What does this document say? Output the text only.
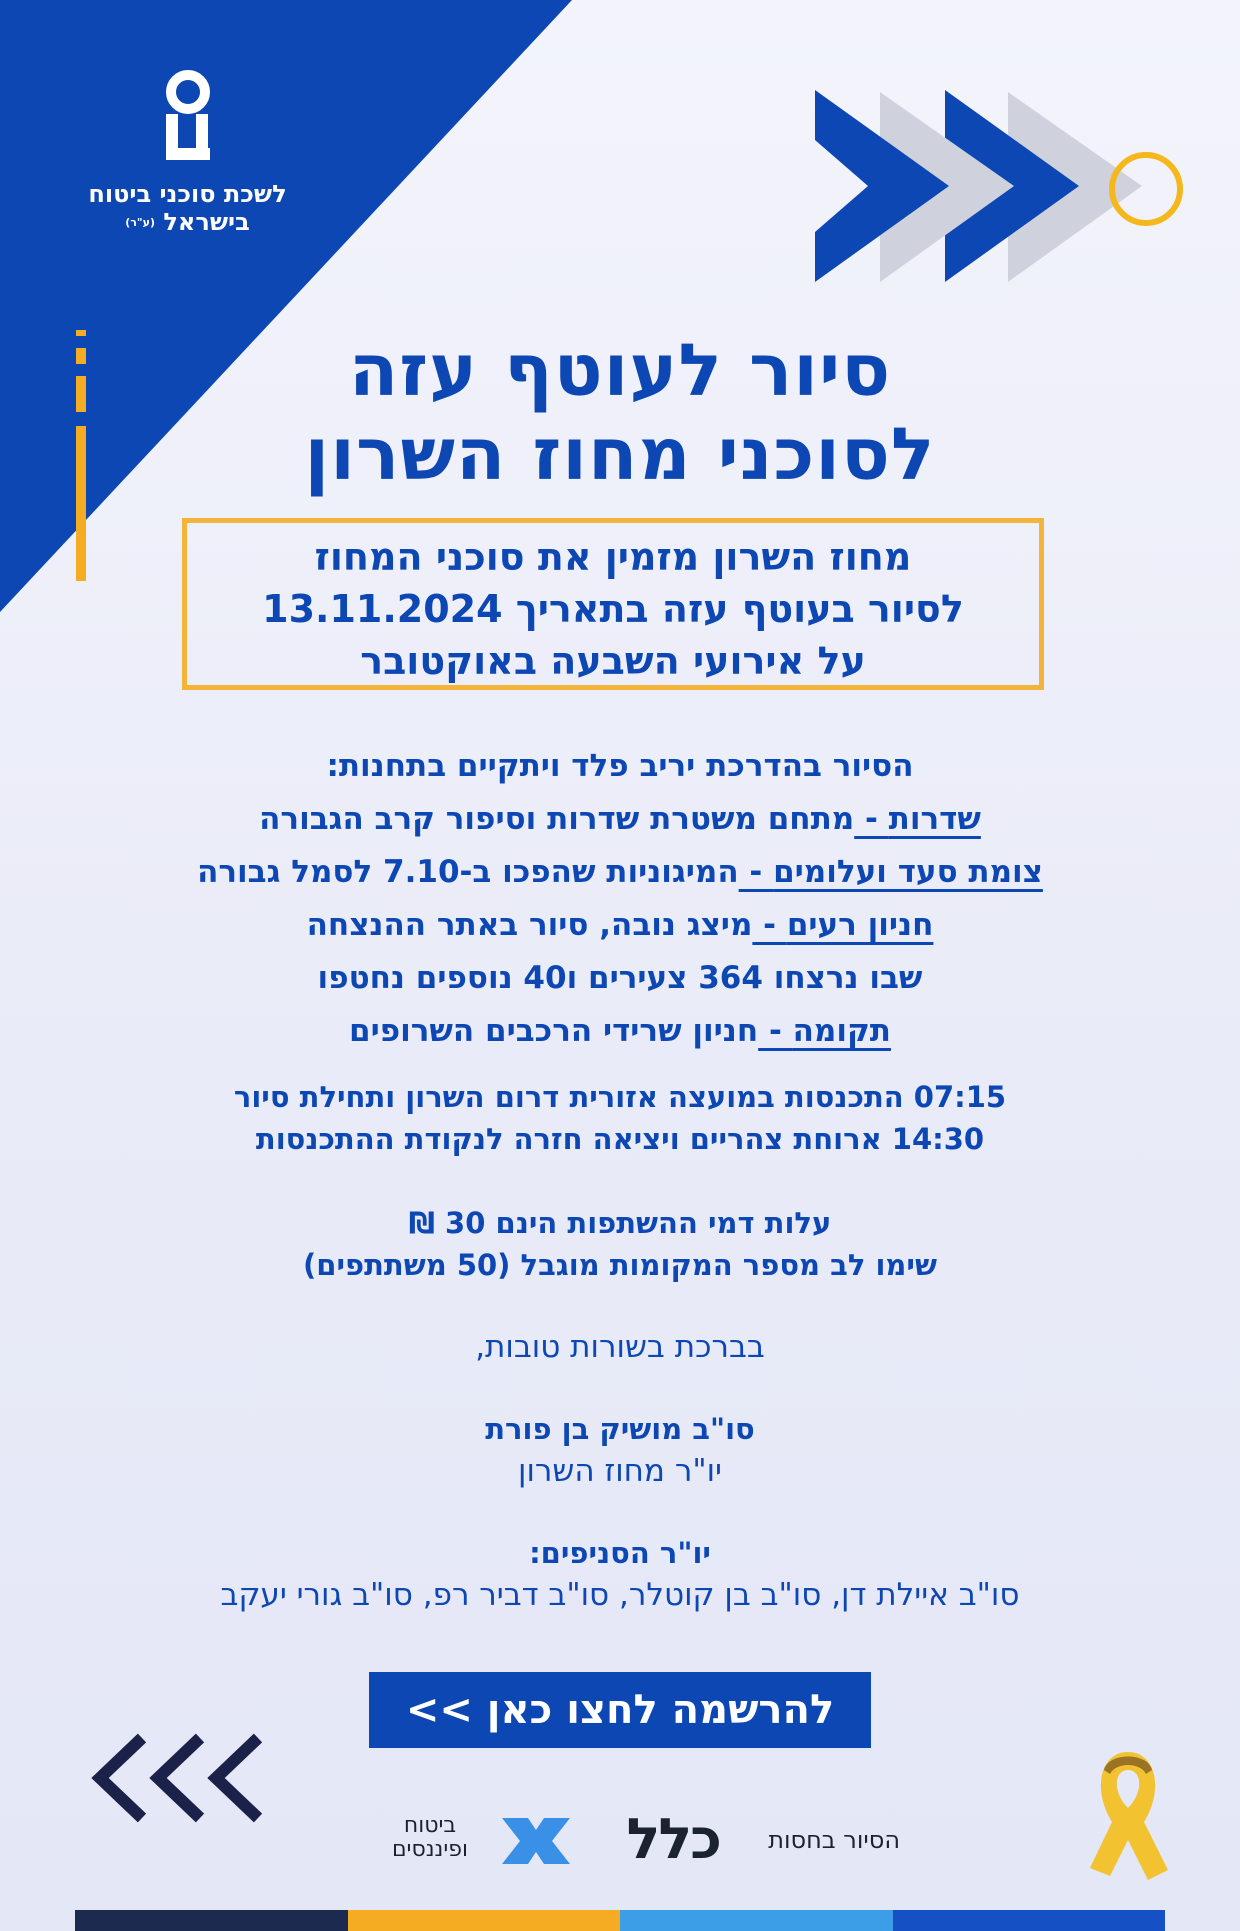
לשכת סוכני ביטוח
בישראל (ע"ר)
סיור לעוטף עזה
לסוכני מחוז השרון
מחוז השרון מזמין את סוכני המחוז
לסיור בעוטף עזה בתאריך 13.11.2024
על אירועי השבעה באוקטובר
הסיור בהדרכת יריב פלד ויתקיים בתחנות:
שדרות - מתחם משטרת שדרות וסיפור קרב הגבורה
צומת סעד ועלומים - המיגוניות שהפכו ב-7.10 לסמל גבורה
חניון רעים - מיצג נובה, סיור באתר ההנצחה
שבו נרצחו 364 צעירים ו40 נוספים נחטפו
תקומה - חניון שרידי הרכבים השרופים
07:15 התכנסות במועצה אזורית דרום השרון ותחילת סיור
14:30 ארוחת צהריים ויציאה חזרה לנקודת ההתכנסות
עלות דמי ההשתפות הינם 30 ₪
שימו לב מספר המקומות מוגבל (50 משתתפים)
בברכת בשורות טובות,
סו"ב מושיק בן פורת
יו"ר מחוז השרון
יו"ר הסניפים:
סו"ב איילת דן, סו"ב בן קוטלר, סו"ב דביר רפ, סו"ב גורי יעקב
להרשמה לחצו כאן >>
הסיור בחסות
כלל
ביטוח
ופיננסים
